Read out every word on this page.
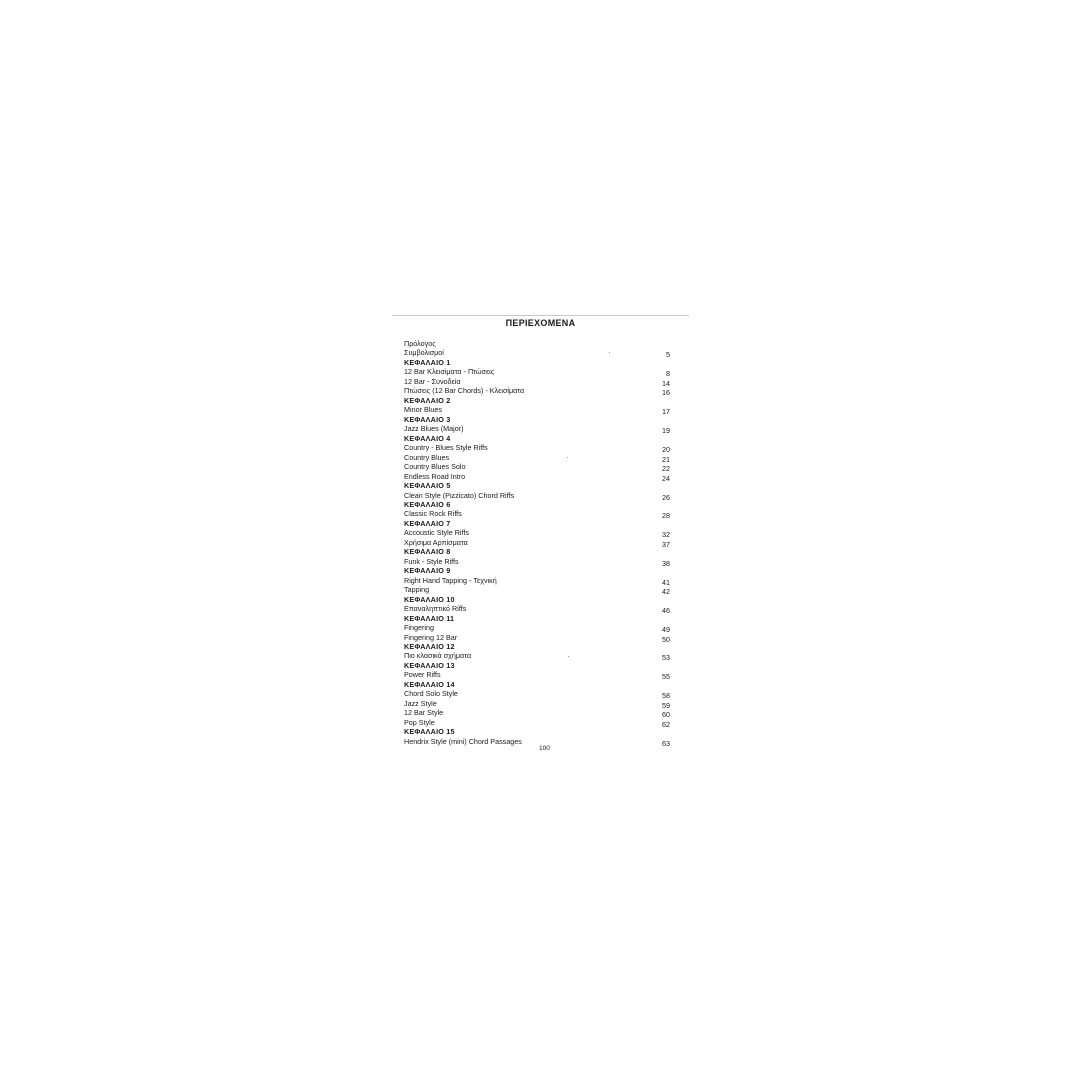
ΠΕΡΙΕΧΟΜΕΝΑ
Πρόλογος
Συμβολισμοί	5
ΚΕΦΑΛΑΙΟ 1
12 Bar Κλεισίματα - Πτώσεις	8
12 Bar - Συνοδεία	14
Πτώσεις (12 Bar Chords) - Κλεισίματα	16
ΚΕΦΑΛΑΙΟ 2
Minor Blues	17
ΚΕΦΑΛΑΙΟ 3
Jazz Blues (Major)	19
ΚΕΦΑΛΑΙΟ 4
Country - Blues Style Riffs	20
Country Blues	21
Country Blues Solo	22
Endless Road Intro	24
ΚΕΦΑΛΑΙΟ 5
Clean Style (Pizzicato) Chord Riffs	26
ΚΕΦΑΛΑΙΟ 6
Classic Rock Riffs	28
ΚΕΦΑΛΑΙΟ 7
Accoustic Style Riffs	32
Χρήσιμα Αρπίσματα	37
ΚΕΦΑΛΑΙΟ 8
Funk - Style Riffs	38
ΚΕΦΑΛΑΙΟ 9
Right Hand Tapping - Τεχνική	41
Tapping	42
ΚΕΦΑΛΑΙΟ 10
Επαναληπτικό Riffs	46
ΚΕΦΑΛΑΙΟ 11
Fingering	49
Fingering 12 Bar	50
ΚΕΦΑΛΑΙΟ 12
Πιο κλασικά σχήματα	53
ΚΕΦΑΛΑΙΟ 13
Power Riffs	55
ΚΕΦΑΛΑΙΟ 14
Chord Solo Style	58
Jazz Style	59
12 Bar Style	60
Pop Style	62
ΚΕΦΑΛΑΙΟ 15
Hendrix Style (mini) Chord Passages	63
100
